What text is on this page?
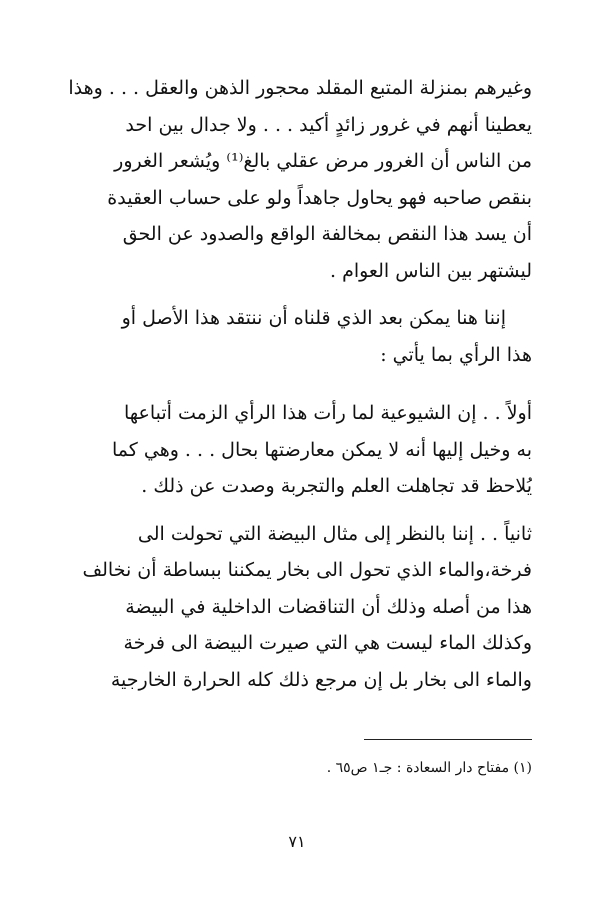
وغيرهم بمنزلة المتبع المقلد محجور الذهن والعقل . . . وهذا
يعطينا أنهم في غرور زائدٍ أكيد . . . ولا جدال بين احد
من الناس أن الغرور مرض عقلي بالغ⁽¹⁾ ويُشعر الغرور
بنقص صاحبه فهو يحاول جاهداً ولو على حساب العقيدة
أن يسد هذا النقص بمخالفة الواقع والصدود عن الحق
ليشتهر بين الناس العوام .
إننا هنا يمكن بعد الذي قلناه أن ننتقد هذا الأصل أو
هذا الرأي بما يأتي :
أولاً . . إن الشيوعية لما رأت هذا الرأي الزمت أتباعها
به وخيل إليها أنه لا يمكن معارضتها بحال . . . وهي كما
يُلاحظ قد تجاهلت العلم والتجربة وصدت عن ذلك .
ثانياً . . إننا بالنظر إلى مثال البيضة التي تحولت الى
فرخة،والماء الذي تحول الى بخار يمكننا ببساطة أن نخالف
هذا من أصله وذلك أن التناقضات الداخلية في البيضة
وكذلك الماء ليست هي التي صيرت البيضة الى فرخة
والماء الى بخار بل إن مرجع ذلك كله الحرارة الخارجية
(١) مفتاح دار السعادة : جـ١ ص٦٥ .
٧١
